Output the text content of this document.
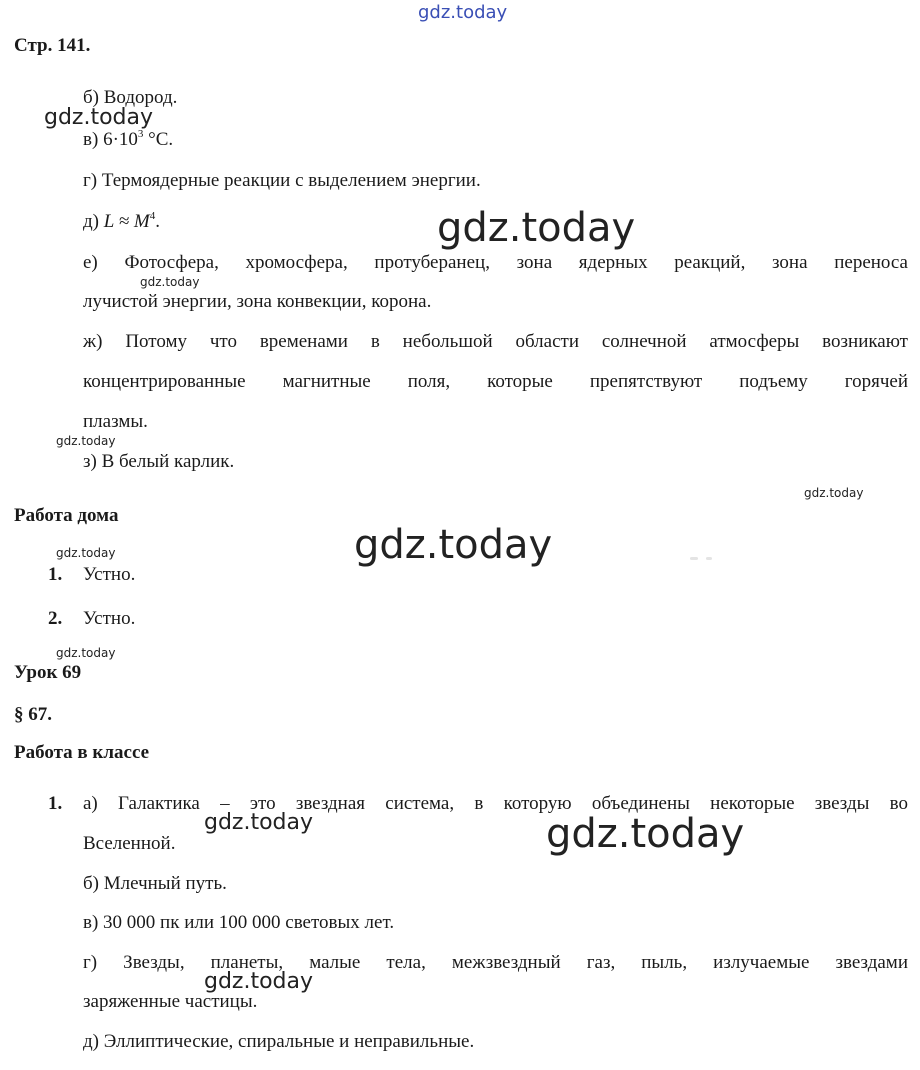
gdz.today
gdz.today
gdz.today
gdz.today
gdz.today
gdz.today
gdz.today
gdz.today
gdz.today
gdz.today	gdz.today
gdz.today
Стр. 141.
б) Водород.
в) $6\cdot 10^3$ °С.
г) Термоядерные реакции с выделением энергии.
д) $L \approx M^4$.
е) Фотосфера, хромосфера, протуберанец, зона ядерных реакций, зона переноса
лучистой энергии, зона конвекции, корона.
ж) Потому что временами в небольшой области солнечной атмосферы возникают
концентрированные магнитные поля, которые препятствуют подъему горячей
плазмы.
з) В белый карлик.
Работа дома
1. Устно.
2. Устно.
Урок 69
§ 67.
Работа в классе
1. а) Галактика – это звездная система, в которую объединены некоторые звезды во
Вселенной.
б) Млечный путь.
в) 30 000 пк или 100 000 световых лет.
г) Звезды, планеты, малые тела, межзвездный газ, пыль, излучаемые звездами
заряженные частицы.
д) Эллиптические, спиральные и неправильные.
